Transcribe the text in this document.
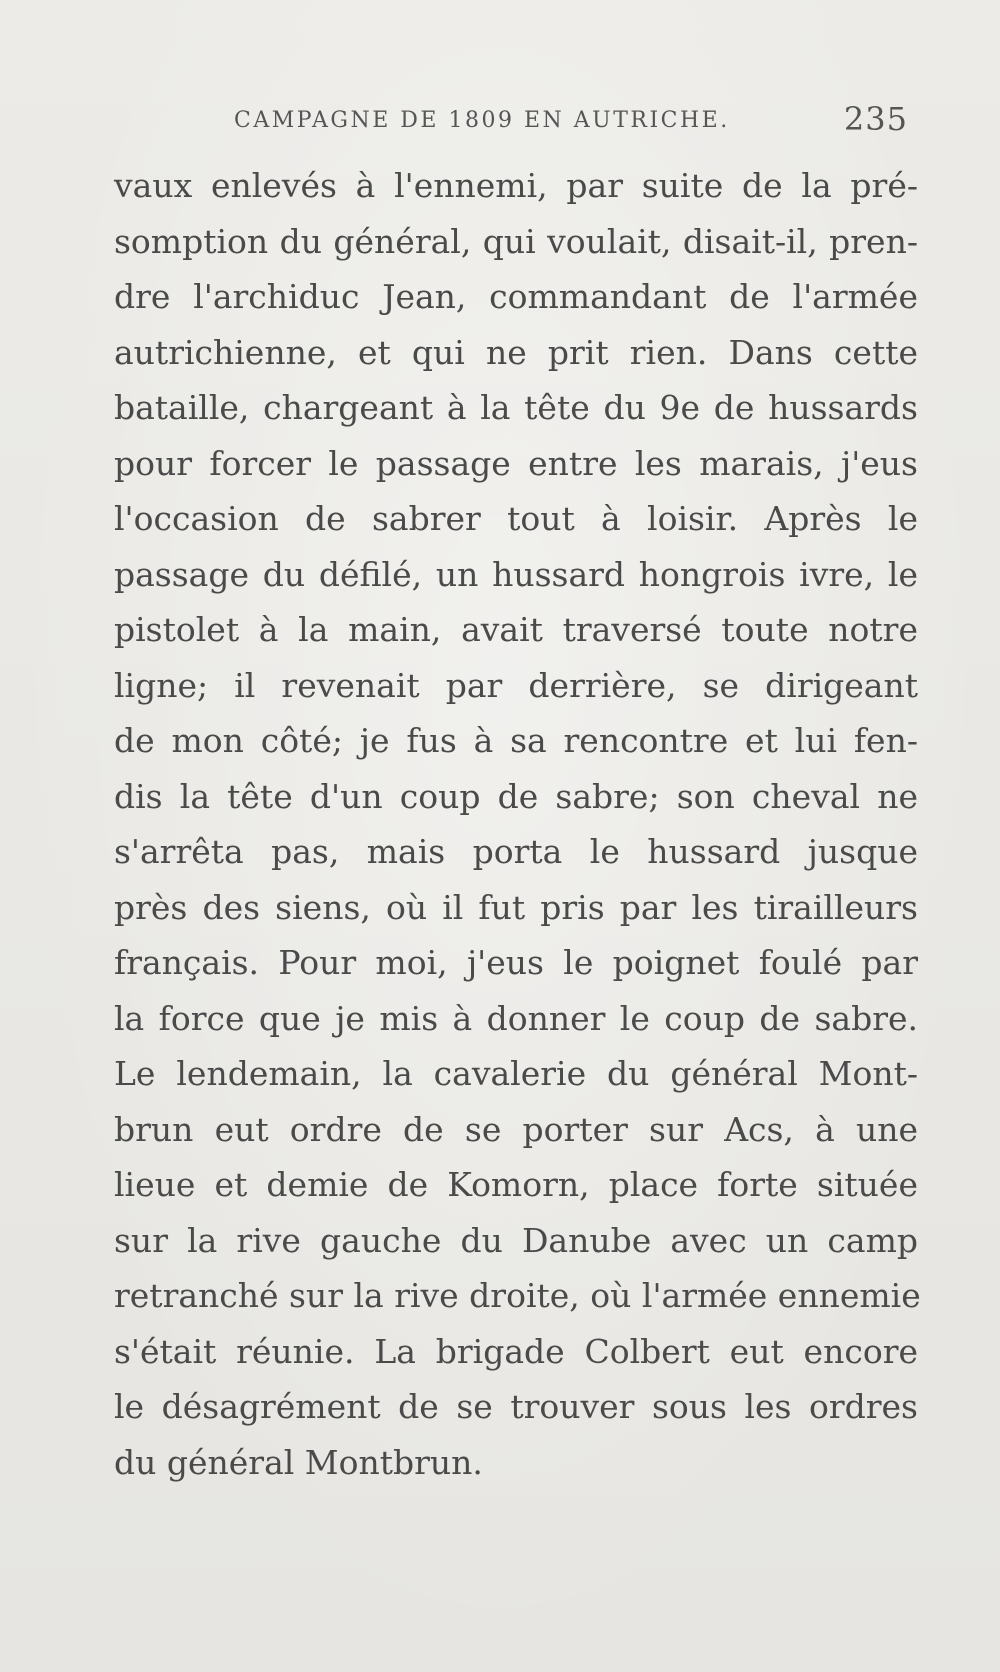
CAMPAGNE DE 1809 EN AUTRICHE.	235
vaux enlevés à l'ennemi, par suite de la pré-
somption du général, qui voulait, disait-il, pren-
dre l'archiduc Jean, commandant de l'armée
autrichienne, et qui ne prit rien. Dans cette
bataille, chargeant à la tête du 9e de hussards
pour forcer le passage entre les marais, j'eus
l'occasion de sabrer tout à loisir. Après le
passage du défilé, un hussard hongrois ivre, le
pistolet à la main, avait traversé toute notre
ligne; il revenait par derrière, se dirigeant
de mon côté; je fus à sa rencontre et lui fen-
dis la tête d'un coup de sabre; son cheval ne
s'arrêta pas, mais porta le hussard jusque
près des siens, où il fut pris par les tirailleurs
français. Pour moi, j'eus le poignet foulé par
la force que je mis à donner le coup de sabre.
Le lendemain, la cavalerie du général Mont-
brun eut ordre de se porter sur Acs, à une
lieue et demie de Komorn, place forte située
sur la rive gauche du Danube avec un camp
retranché sur la rive droite, où l'armée ennemie
s'était réunie. La brigade Colbert eut encore
le désagrément de se trouver sous les ordres
du général Montbrun.
